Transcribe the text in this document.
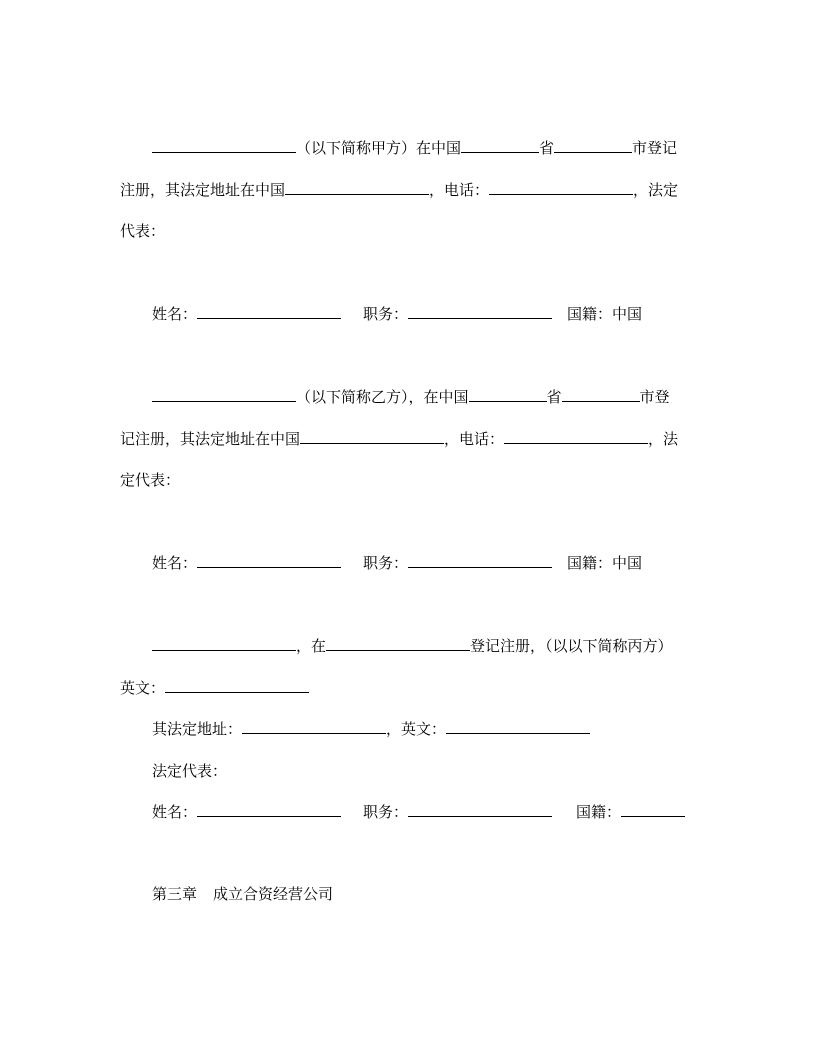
（以下简称甲方）在中国	省	市登记
注册，其法定地址在中国	，电话：	，法定
代表：
姓名：	职务：	国籍：中国
（以下简称乙方），在中国	省	市登
记注册，其法定地址在中国	，电话：	，法
定代表：
姓名：	职务：	国籍：中国
，在	登记注册，（以以下简称丙方）
英文：
其法定地址：	，英文：
法定代表：
姓名：	职务：	国籍：
第三章 成立合资经营公司
